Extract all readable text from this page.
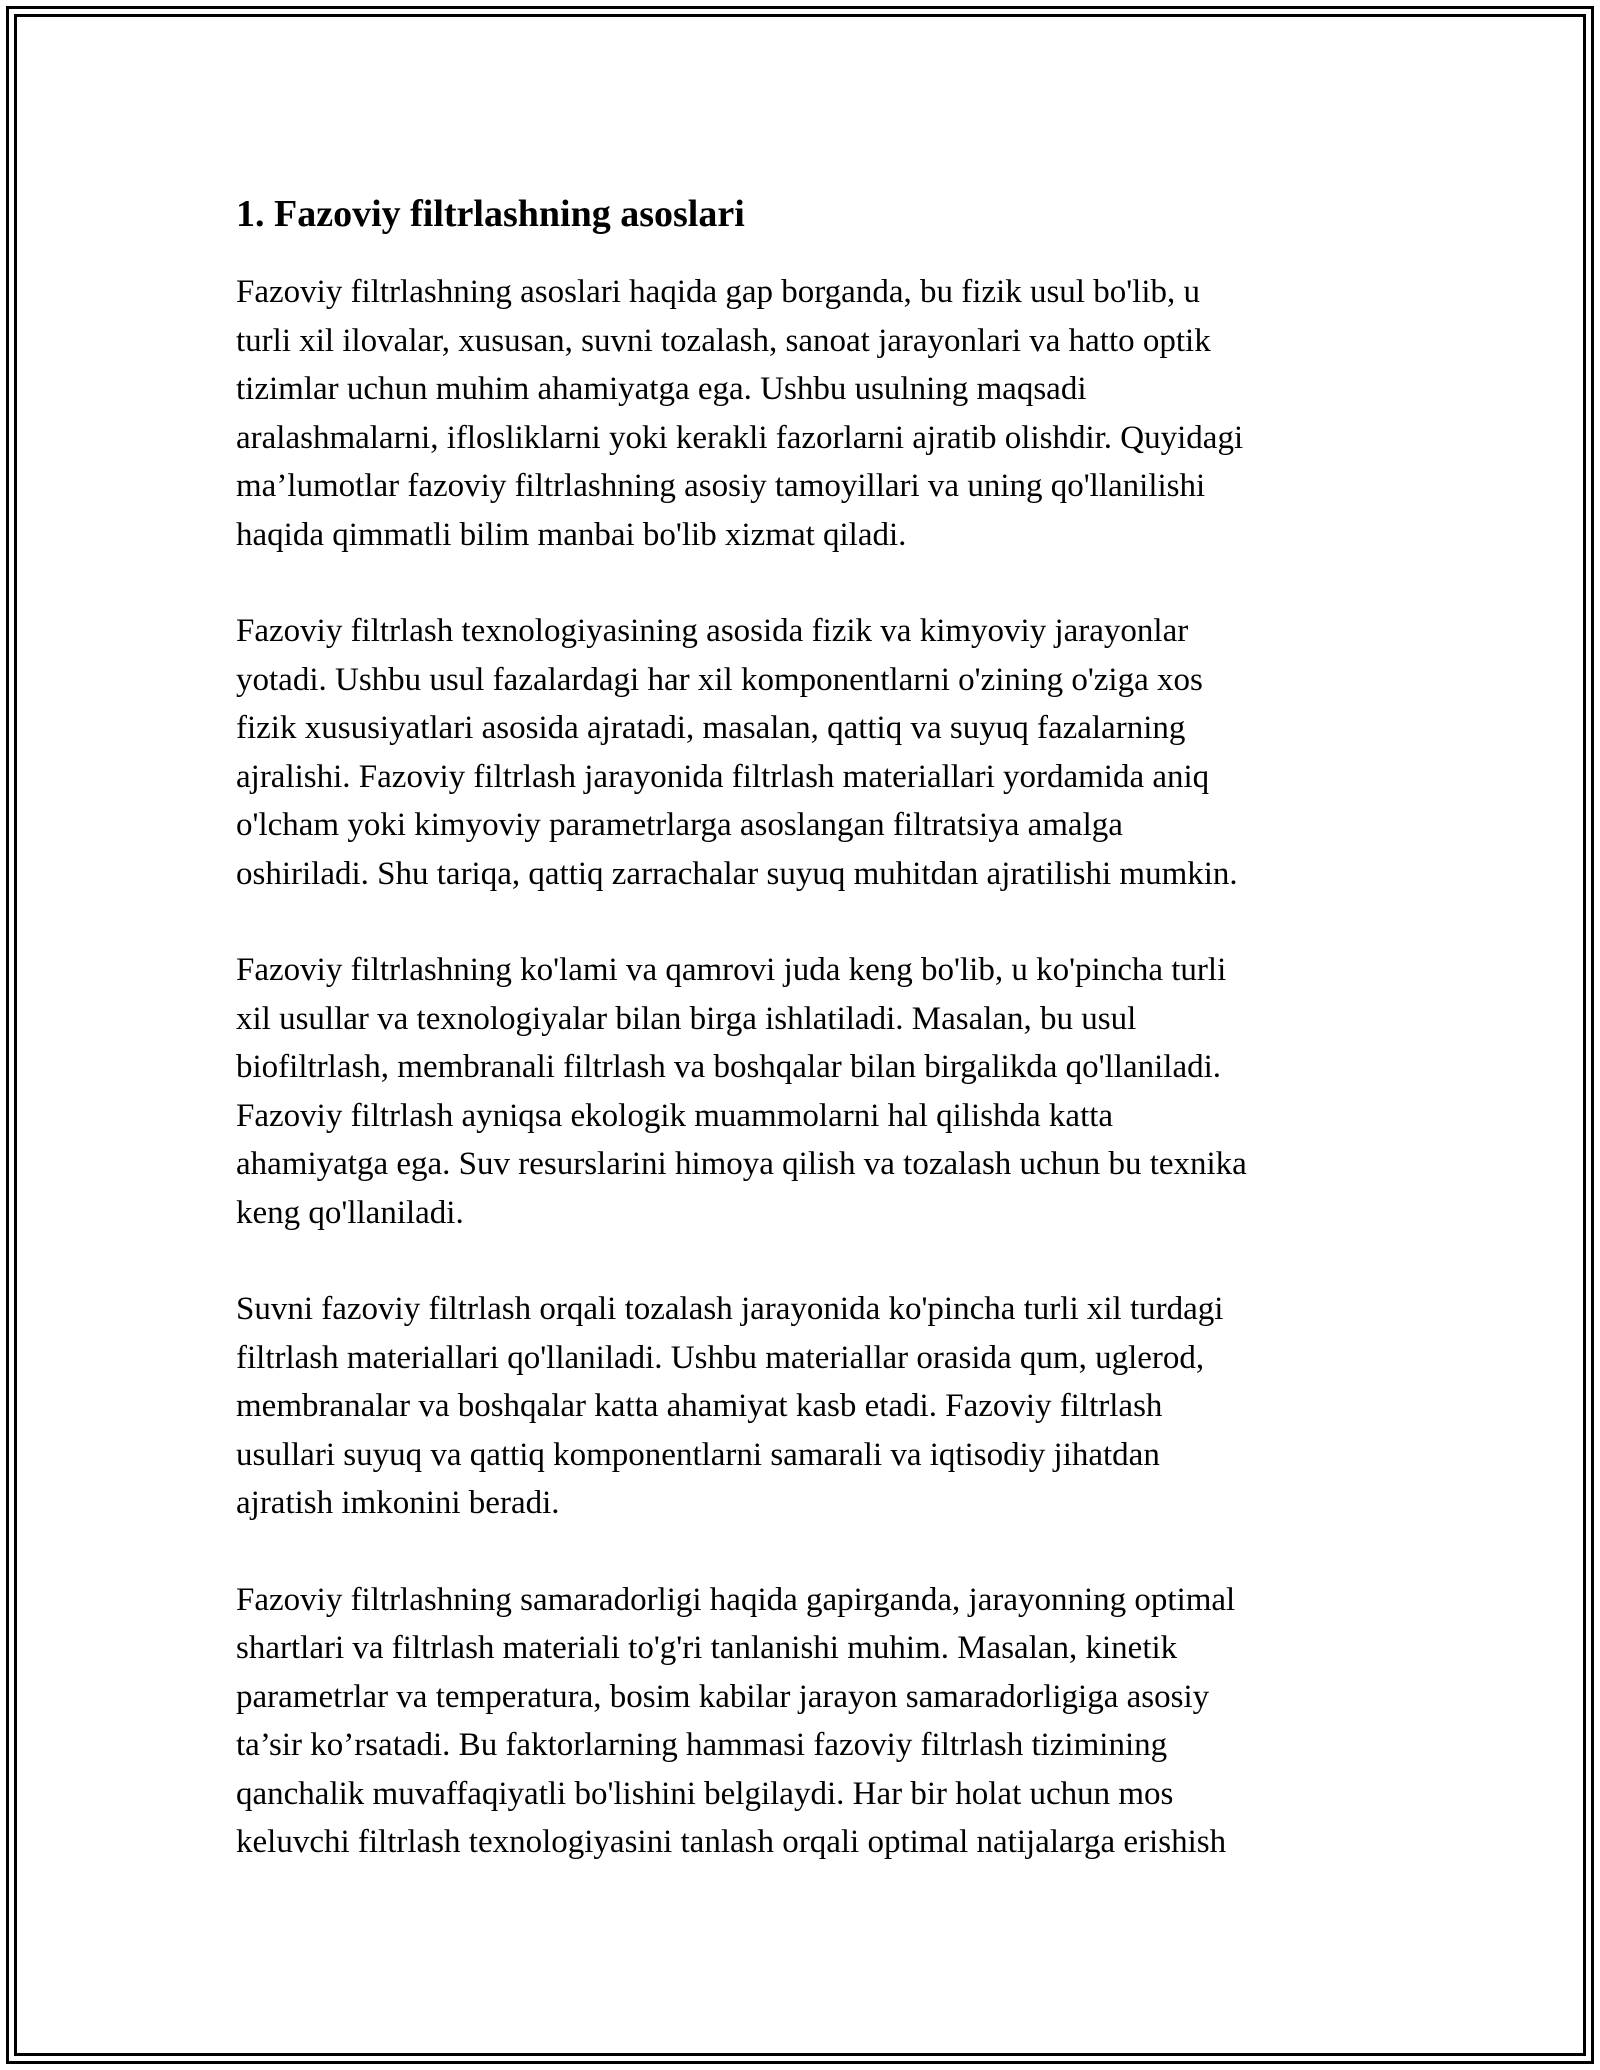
1. Fazoviy filtrlashning asoslari

Fazoviy filtrlashning asoslari haqida gap borganda, bu fizik usul bo'lib, u
turli xil ilovalar, xususan, suvni tozalash, sanoat jarayonlari va hatto optik
tizimlar uchun muhim ahamiyatga ega. Ushbu usulning maqsadi
aralashmalarni, iflosliklarni yoki kerakli fazorlarni ajratib olishdir. Quyidagi
ma’lumotlar fazoviy filtrlashning asosiy tamoyillari va uning qo'llanilishi
haqida qimmatli bilim manbai bo'lib xizmat qiladi.

Fazoviy filtrlash texnologiyasining asosida fizik va kimyoviy jarayonlar
yotadi. Ushbu usul fazalardagi har xil komponentlarni o'zining o'ziga xos
fizik xususiyatlari asosida ajratadi, masalan, qattiq va suyuq fazalarning
ajralishi. Fazoviy filtrlash jarayonida filtrlash materiallari yordamida aniq
o'lcham yoki kimyoviy parametrlarga asoslangan filtratsiya amalga
oshiriladi. Shu tariqa, qattiq zarrachalar suyuq muhitdan ajratilishi mumkin.

Fazoviy filtrlashning ko'lami va qamrovi juda keng bo'lib, u ko'pincha turli
xil usullar va texnologiyalar bilan birga ishlatiladi. Masalan, bu usul
biofiltrlash, membranali filtrlash va boshqalar bilan birgalikda qo'llaniladi.
Fazoviy filtrlash ayniqsa ekologik muammolarni hal qilishda katta
ahamiyatga ega. Suv resurslarini himoya qilish va tozalash uchun bu texnika
keng qo'llaniladi.

Suvni fazoviy filtrlash orqali tozalash jarayonida ko'pincha turli xil turdagi
filtrlash materiallari qo'llaniladi. Ushbu materiallar orasida qum, uglerod,
membranalar va boshqalar katta ahamiyat kasb etadi. Fazoviy filtrlash
usullari suyuq va qattiq komponentlarni samarali va iqtisodiy jihatdan
ajratish imkonini beradi.

Fazoviy filtrlashning samaradorligi haqida gapirganda, jarayonning optimal
shartlari va filtrlash materiali to'g'ri tanlanishi muhim. Masalan, kinetik
parametrlar va temperatura, bosim kabilar jarayon samaradorligiga asosiy
ta’sir ko’rsatadi. Bu faktorlarning hammasi fazoviy filtrlash tizimining
qanchalik muvaffaqiyatli bo'lishini belgilaydi. Har bir holat uchun mos
keluvchi filtrlash texnologiyasini tanlash orqali optimal natijalarga erishish
